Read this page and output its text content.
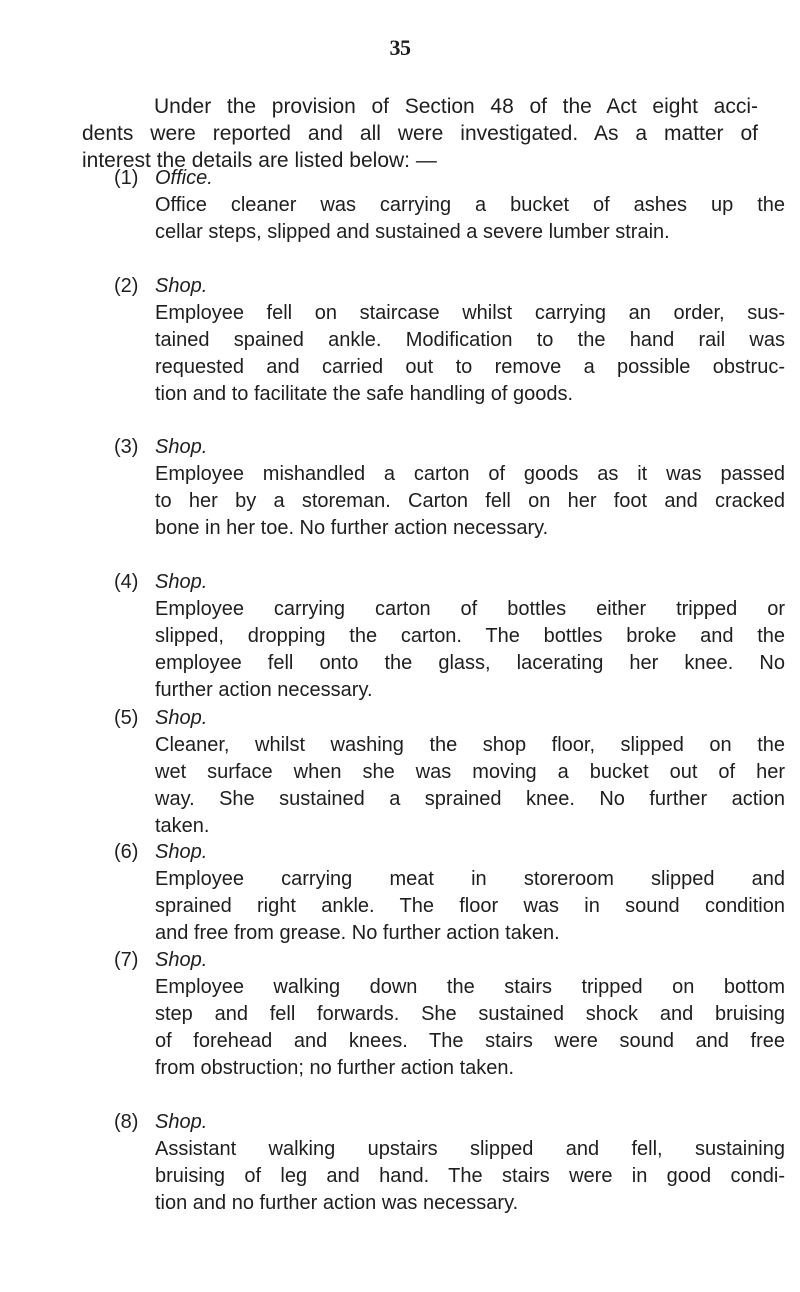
35

Under the provision of Section 48 of the Act eight acci-
dents were reported and all were investigated. As a matter of
interest the details are listed below: —

(1) Office.

Office cleaner was carrying a bucket of ashes up the
cellar steps, slipped and sustained a severe lumber strain.

(2) Shop.

Employee fell on staircase whilst carrying an order, sus-
tained spained ankle. Modification to the hand rail was
requested and carried out to remove a possible obstruc-
tion and to facilitate the safe handling of goods.

(3) Shop.

Employee mishandled a carton of goods as it was passed
to her by a storeman. Carton fell on her foot and cracked
bone in her toe. No further action necessary.

(4) Shop.

Employee carrying carton of bottles either tripped or
slipped, dropping the carton. The bottles broke and the
employee fell onto the glass, lacerating her knee. No
further action necessary.

(5) Shop.

Cleaner, whilst washing the shop floor, slipped on the
wet surface when she was moving a bucket out of her
way. She sustained a sprained knee. No further action
taken.

(6) Shop.

Employee carrying meat in storeroom slipped and
sprained right ankle. The floor was in sound condition
and free from grease. No further action taken.

(7) Shop.

Employee walking down the stairs tripped on bottom
step and fell forwards. She sustained shock and bruising
of forehead and knees. The stairs were sound and free
from obstruction; no further action taken.

(8) Shop.

Assistant walking upstairs slipped and fell, sustaining
bruising of leg and hand. The stairs were in good condi-
tion and no further action was necessary.
